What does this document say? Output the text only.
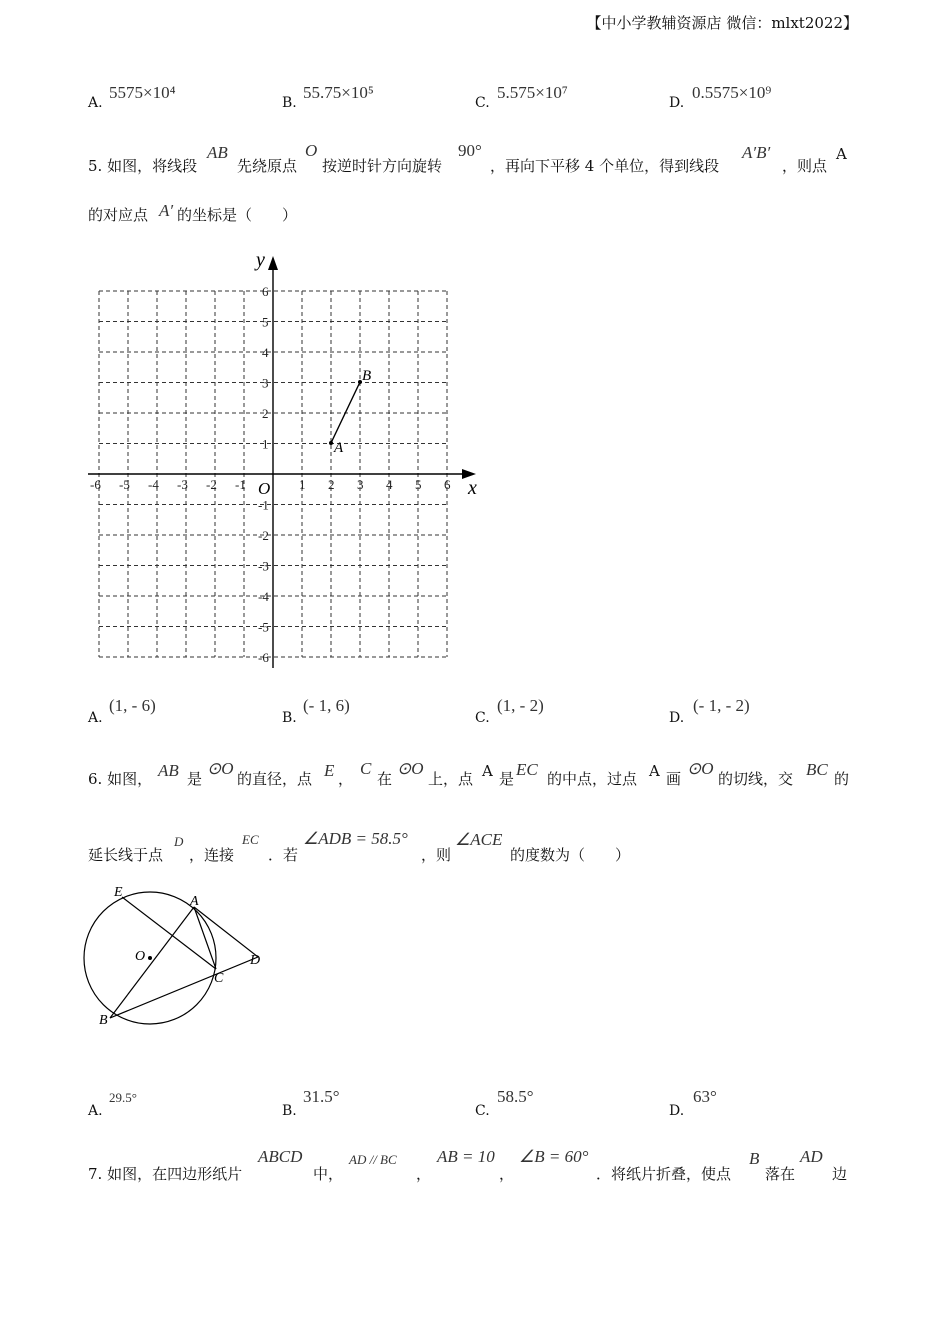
【中小学教辅资源店 微信：mlxt2022】
A.
5575×10⁴
B.
55.75×10⁵
C.
5.575×10⁷
D.
0.5575×10⁹
5. 如图，将线段
AB
先绕原点
O
按逆时针方向旋转
90°
，再向下平移 4 个单位，得到线段
A′B′
，则点
A
的对应点 A′ 的坐标是（　　）
y
x
O
-6 -5 -4 -3 -2 -1	1 2 3 4 5 6
6
5
4
3
2
1
-1
-2
-3
-4
-5
-6
A
B
A.
(1, - 6)
B.
(- 1, 6)
C.
(1, - 2)
D.
(- 1, - 2)
6. 如图， AB 是
⊙O
的直径，点 E ，
C
在
⊙O
上，点 A 是 EC 的中点，过点 A 画
⊙O
的切线，交 BC 的
延长线于点
D
，连接
EC
．若
∠ADB = 58.5°
，则
∠ACE
的度数为（　　）
E
A
O	D
C
B
A.
29.5°
B.
31.5°
C.
58.5°
D.
63°
7. 如图，在四边形纸片
ABCD
中，
AD // BC
，
AB = 10
，
∠B = 60°
．将纸片折叠，使点
B
落在
AD
边
